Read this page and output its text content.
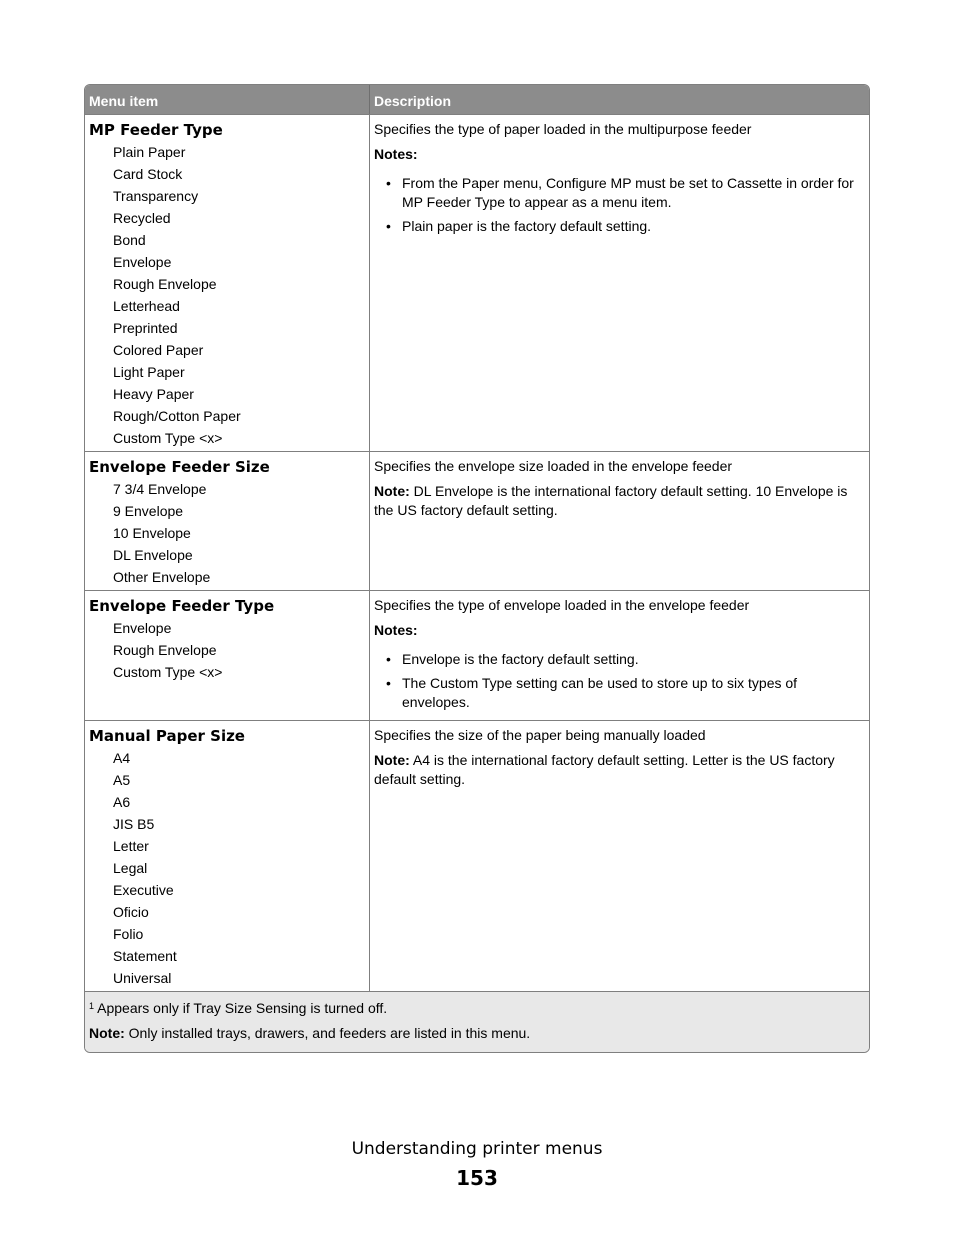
Menu item	Description
MP Feeder Type
Plain Paper
Card Stock
Transparency
Recycled
Bond
Envelope
Rough Envelope
Letterhead
Preprinted
Colored Paper
Light Paper
Heavy Paper
Rough/Cotton Paper
Custom Type <x>

Specifies the type of paper loaded in the multipurpose feeder

Notes:
• From the Paper menu, Configure MP must be set to Cassette in order for MP Feeder Type to appear as a menu item.
• Plain paper is the factory default setting.
Envelope Feeder Size
7 3/4 Envelope
9 Envelope
10 Envelope
DL Envelope
Other Envelope

Specifies the envelope size loaded in the envelope feeder

Note: DL Envelope is the international factory default setting. 10 Envelope is the US factory default setting.

Envelope Feeder Type
Envelope
Rough Envelope
Custom Type <x>

Specifies the type of envelope loaded in the envelope feeder

Notes:
• Envelope is the factory default setting.
• The Custom Type setting can be used to store up to six types of envelopes.
Manual Paper Size
A4
A5
A6
JIS B5
Letter
Legal
Executive
Oficio
Folio
Statement
Universal

Specifies the size of the paper being manually loaded

Note: A4 is the international factory default setting. Letter is the US factory default setting.

$^1$ Appears only if Tray Size Sensing is turned off.

Note: Only installed trays, drawers, and feeders are listed in this menu.

Understanding printer menus
153
